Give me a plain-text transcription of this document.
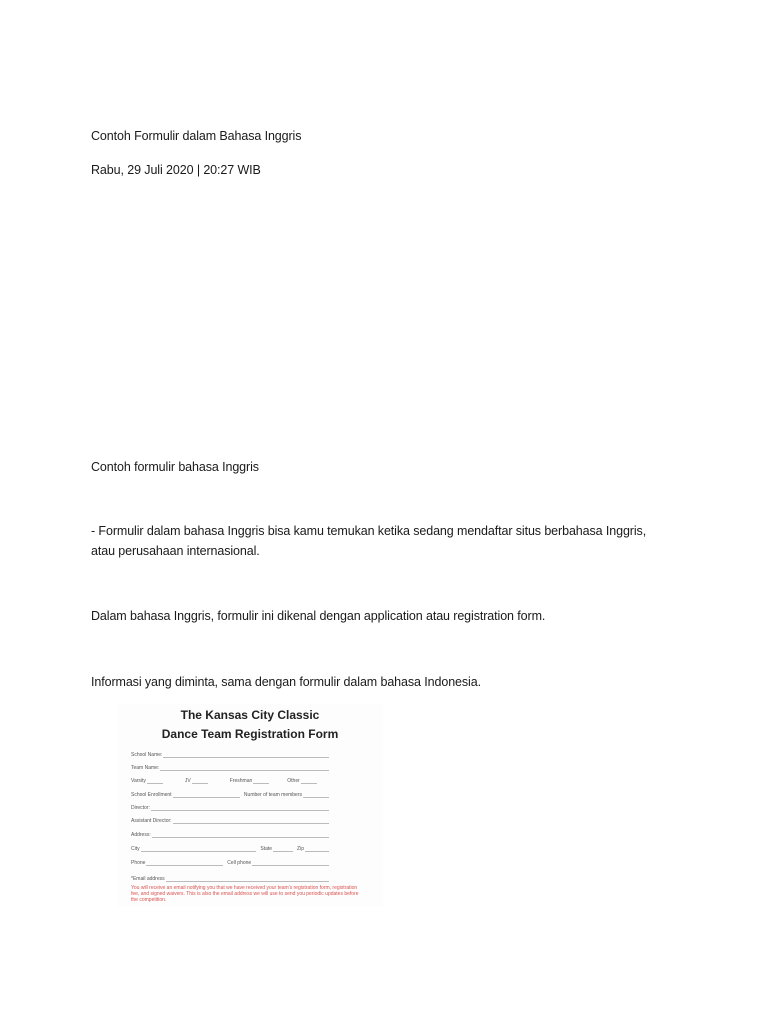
Contoh Formulir dalam Bahasa Inggris
Rabu, 29 Juli 2020 | 20:27 WIB
Contoh formulir bahasa Inggris
- Formulir dalam bahasa Inggris bisa kamu temukan ketika sedang mendaftar situs berbahasa Inggris, atau perusahaan internasional.
Dalam bahasa Inggris, formulir ini dikenal dengan application atau registration form.
Informasi yang diminta, sama dengan formulir dalam bahasa Indonesia.
The Kansas City Classic
Dance Team Registration Form
School Name:
Team Name:
Varsity	JV	Freshman	Other
School Enrollment	Number of team members
Director:
Assistant Director:
Address:
City	State	Zip
Phone	Cell phone
*Email address
You will receive an email notifying you that we have received your team's registration form, registration fee, and signed waivers. This is also the email address we will use to send you periodic updates before the competition.
